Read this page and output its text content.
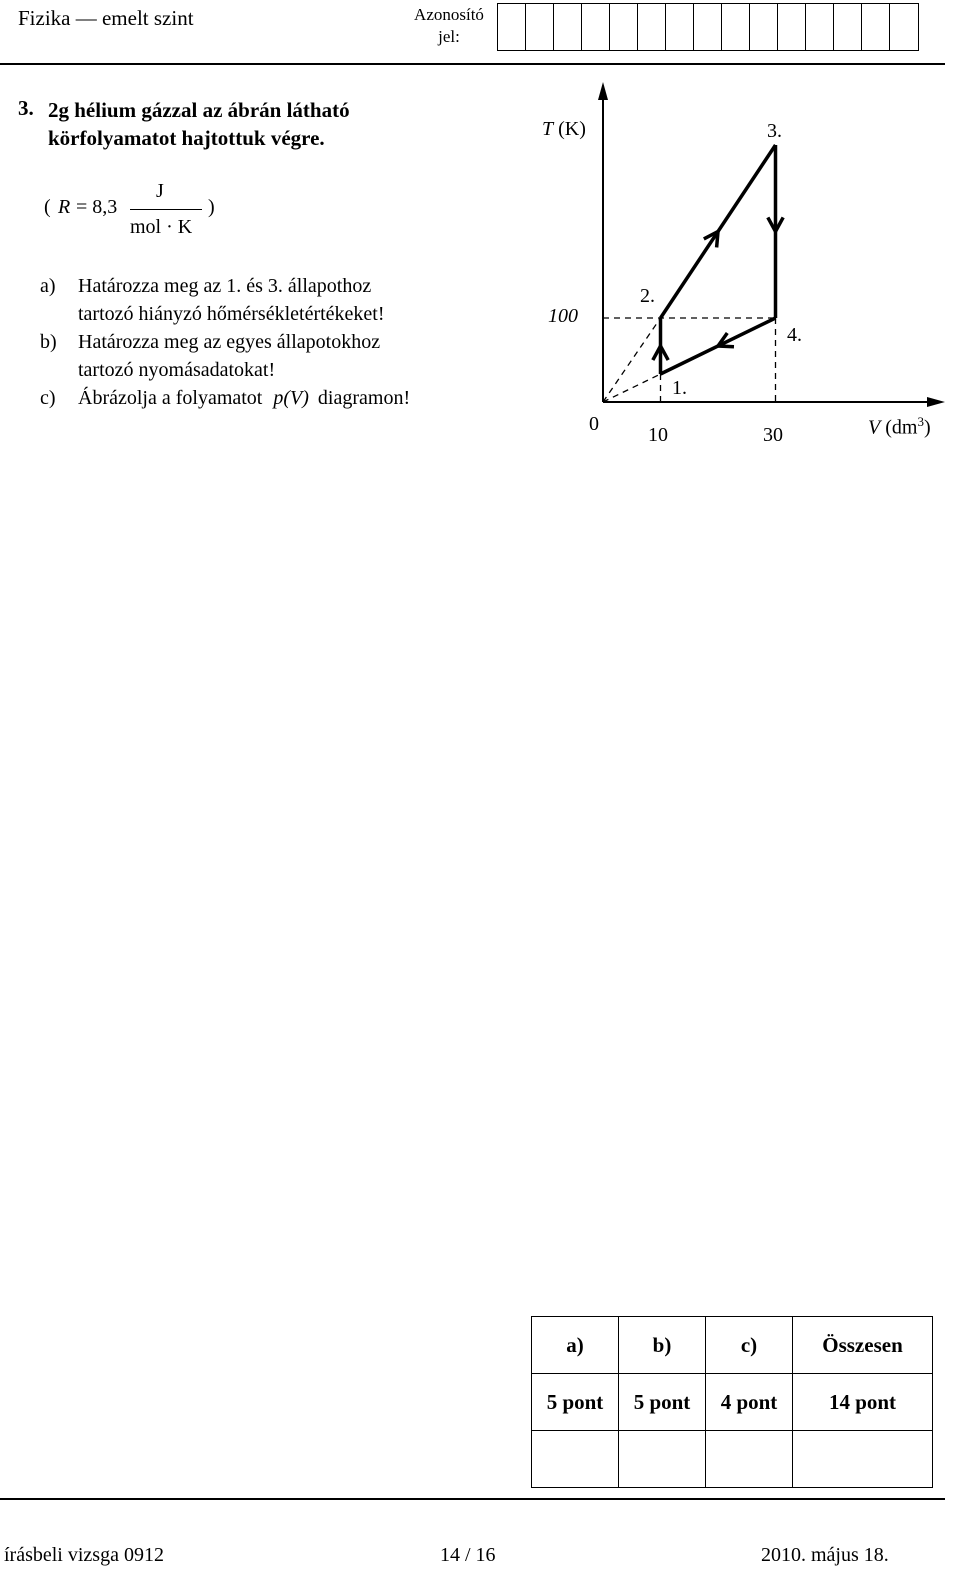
Fizika — emelt szint	Azonosító
jel:
3. 2g hélium gázzal az ábrán látható
körfolyamatot hajtottuk végre.
( R = 8,3
J
mol · K
)
a) Határozza meg az 1. és 3. állapothoz
tartozó hiányzó hőmérsékletértékeket!
b) Határozza meg az egyes állapotokhoz
tartozó nyomásadatokat!
c) Ábrázolja a folyamatot p(V) diagramon!
T (K)
V $(dm^3)$
0 10	30
100
1.
2.
3.
4.
a)	b)	c)	Összesen
5 pont	5 pont	4 pont	14 pont

írásbeli vizsga 0912	14 / 16	2010. május 18.
